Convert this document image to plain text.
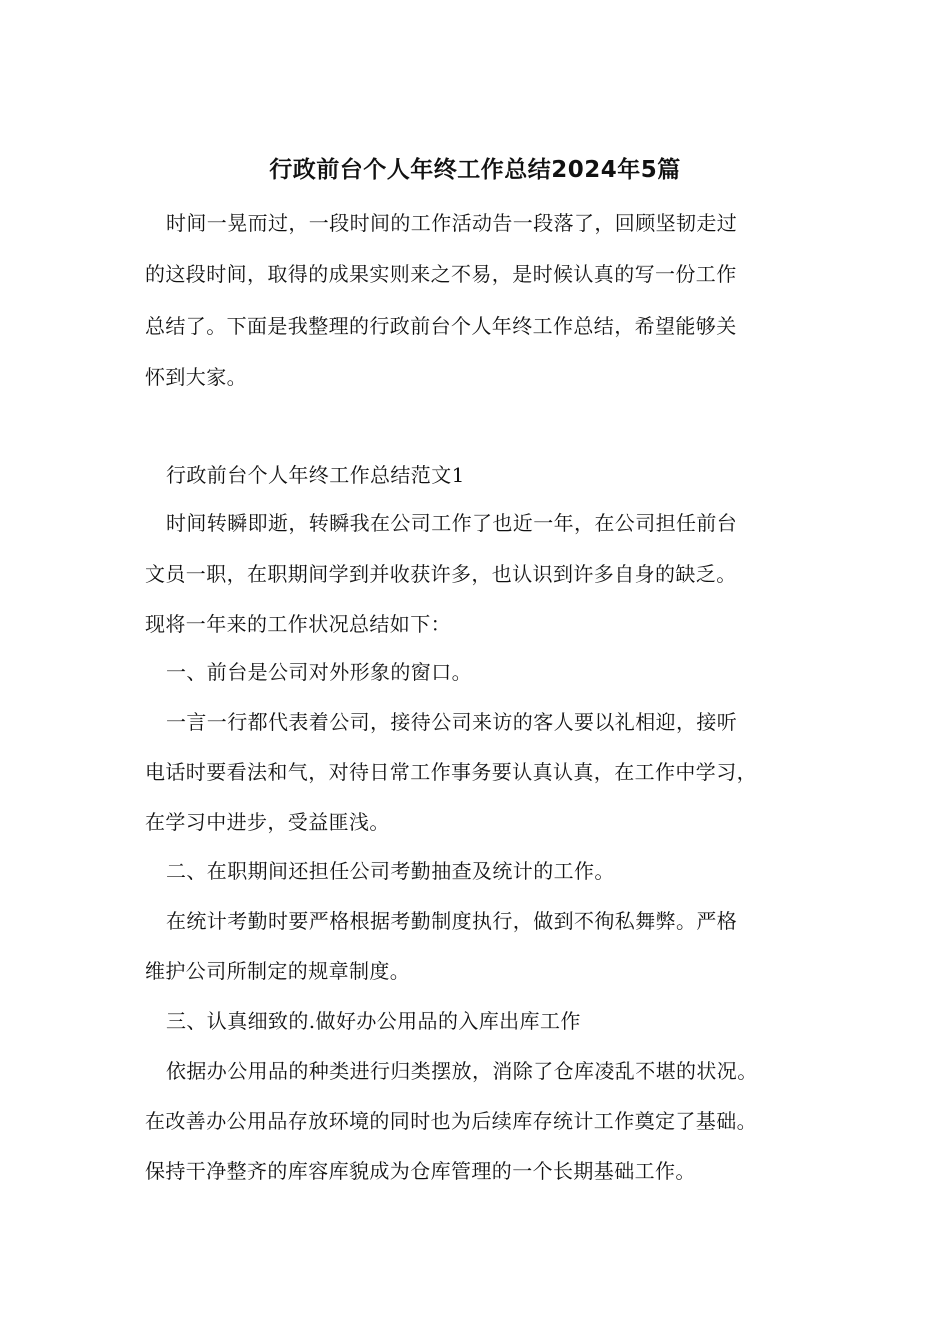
行政前台个人年终工作总结2024年5篇
时间一晃而过，一段时间的工作活动告一段落了，回顾坚韧走过
的这段时间，取得的成果实则来之不易，是时候认真的写一份工作
总结了。下面是我整理的行政前台个人年终工作总结，希望能够关
怀到大家。
行政前台个人年终工作总结范文1
时间转瞬即逝，转瞬我在公司工作了也近一年，在公司担任前台
文员一职，在职期间学到并收获许多，也认识到许多自身的缺乏。
现将一年来的工作状况总结如下：
一、前台是公司对外形象的窗口。
一言一行都代表着公司，接待公司来访的客人要以礼相迎，接听
电话时要看法和气，对待日常工作事务要认真认真，在工作中学习，
在学习中进步，受益匪浅。
二、在职期间还担任公司考勤抽查及统计的工作。
在统计考勤时要严格根据考勤制度执行，做到不徇私舞弊。严格
维护公司所制定的规章制度。
三、认真细致的.做好办公用品的入库出库工作
依据办公用品的种类进行归类摆放，消除了仓库凌乱不堪的状况。
在改善办公用品存放环境的同时也为后续库存统计工作奠定了基础。
保持干净整齐的库容库貌成为仓库管理的一个长期基础工作。
